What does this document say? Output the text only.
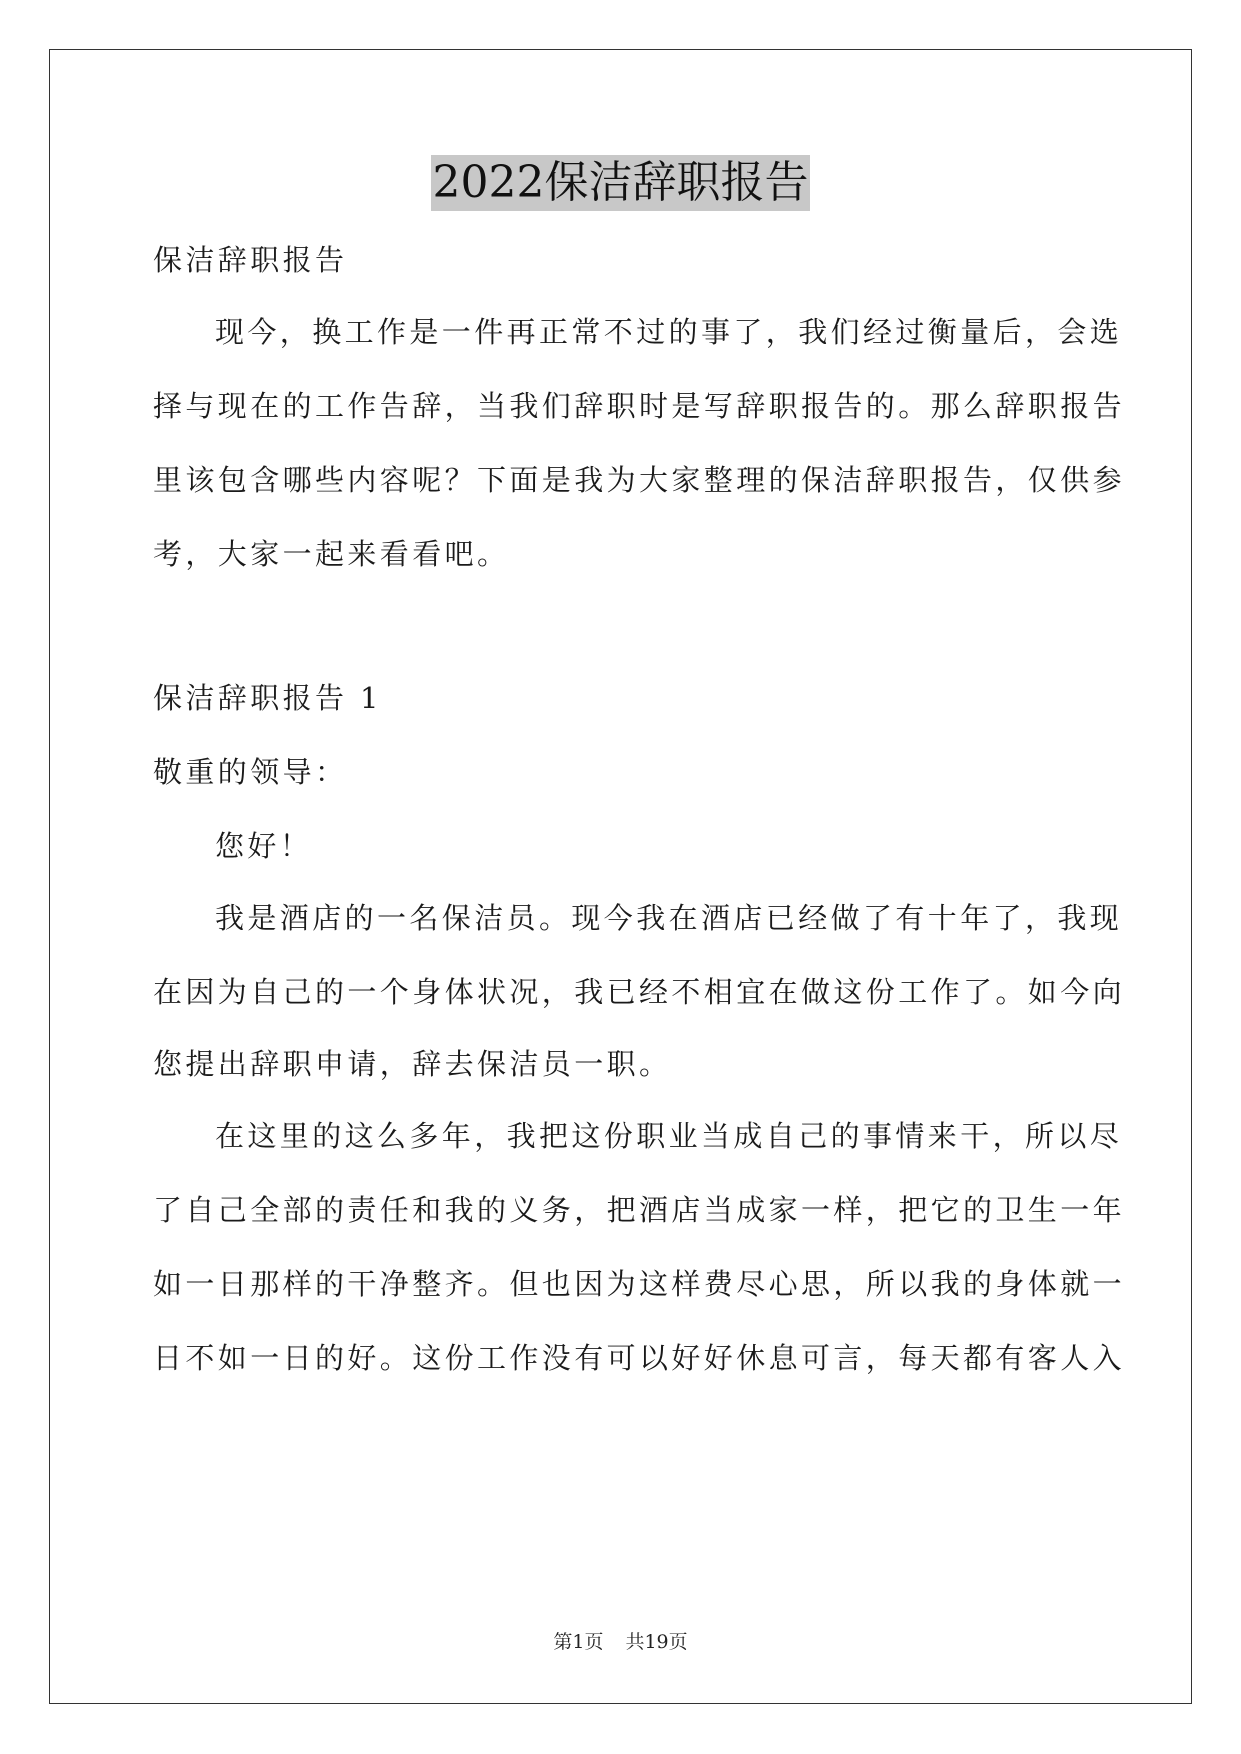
2022保洁辞职报告
保洁辞职报告
现今，换工作是一件再正常不过的事了，我们经过衡量后，会选
择与现在的工作告辞，当我们辞职时是写辞职报告的。那么辞职报告
里该包含哪些内容呢？下面是我为大家整理的保洁辞职报告，仅供参
考，大家一起来看看吧。
保洁辞职报告 1
敬重的领导：
您好！
我是酒店的一名保洁员。现今我在酒店已经做了有十年了，我现
在因为自己的一个身体状况，我已经不相宜在做这份工作了。如今向
您提出辞职申请，辞去保洁员一职。
在这里的这么多年，我把这份职业当成自己的事情来干，所以尽
了自己全部的责任和我的义务，把酒店当成家一样，把它的卫生一年
如一日那样的干净整齐。但也因为这样费尽心思，所以我的身体就一
日不如一日的好。这份工作没有可以好好休息可言，每天都有客人入
第1页 共19页
